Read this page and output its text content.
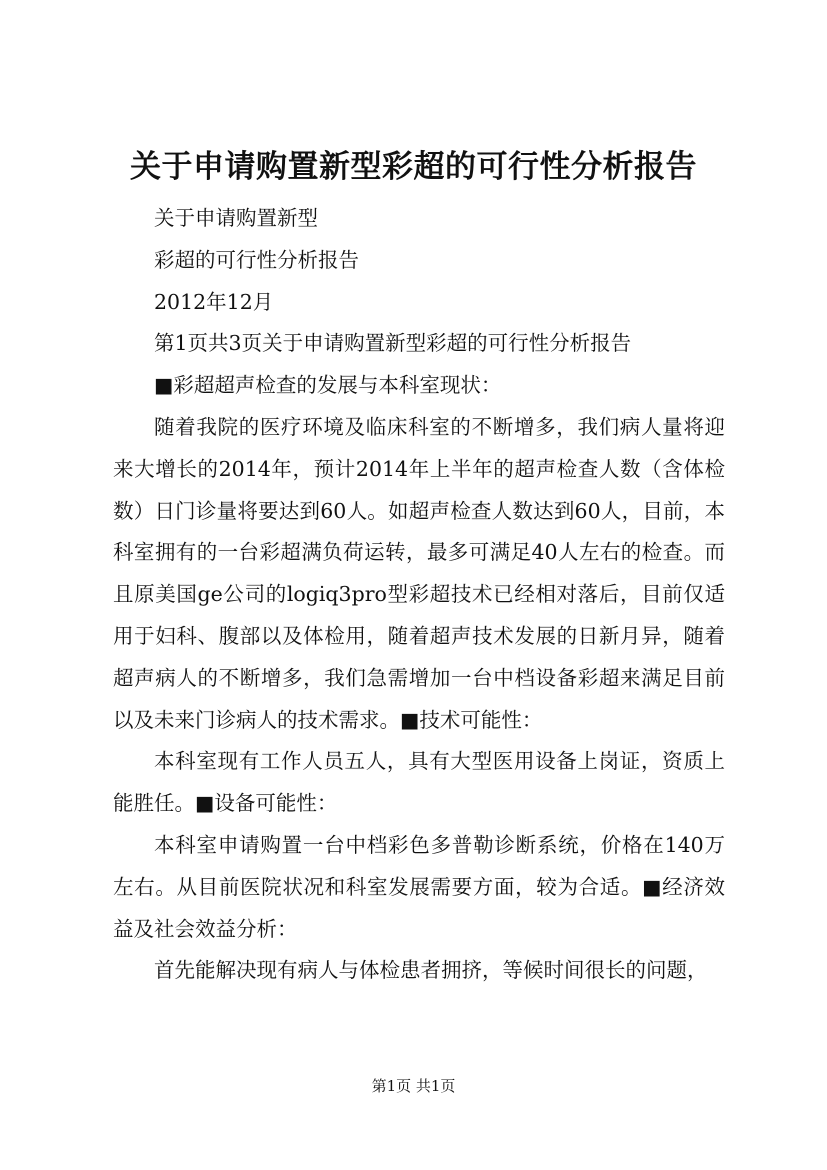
关于申请购置新型彩超的可行性分析报告

关于申请购置新型

彩超的可行性分析报告

2012年12月

第1页共3页关于申请购置新型彩超的可行性分析报告

■彩超超声检查的发展与本科室现状：

随着我院的医疗环境及临床科室的不断增多，我们病人量将迎来大增长的2014年，预计2014年上半年的超声检查人数（含体检数）日门诊量将要达到60人。如超声检查人数达到60人，目前，本科室拥有的一台彩超满负荷运转，最多可满足40人左右的检查。而且原美国ge公司的logiq3pro型彩超技术已经相对落后，目前仅适用于妇科、腹部以及体检用，随着超声技术发展的日新月异，随着超声病人的不断增多，我们急需增加一台中档设备彩超来满足目前以及未来门诊病人的技术需求。■技术可能性：

本科室现有工作人员五人，具有大型医用设备上岗证，资质上能胜任。■设备可能性：

本科室申请购置一台中档彩色多普勒诊断系统，价格在140万左右。从目前医院状况和科室发展需要方面，较为合适。■经济效益及社会效益分析：

首先能解决现有病人与体检患者拥挤，等候时间很长的问题，

第1页 共1页
